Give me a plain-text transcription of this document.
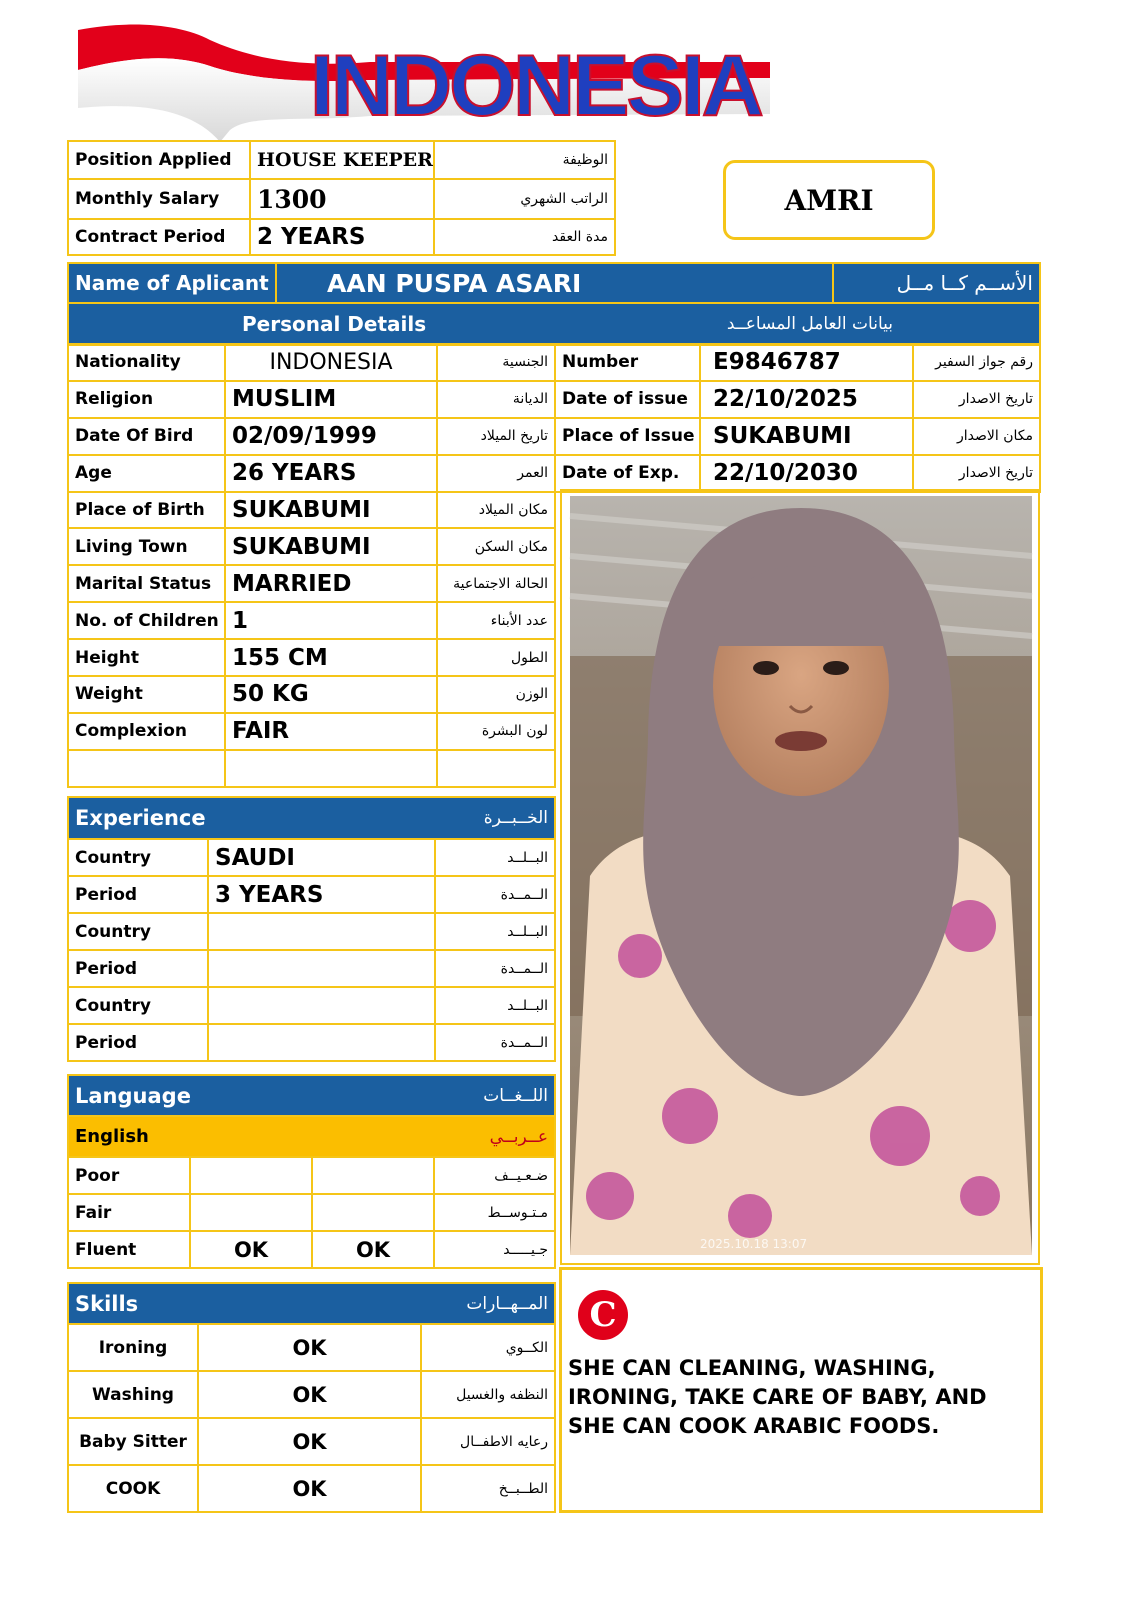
INDONESIA
Position Applied	HOUSE KEEPER	الوظيفة
Monthly Salary	1300	الراتب الشهري
Contract Period	2 YEARS	مدة العقد
AMRI
Name of Aplicant	AAN PUSPA ASARI	الأســم كــا مــل
Personal Details		بيانات العامل المساعــد
Nationality	INDONESIA	الجنسية
Religion	MUSLIM	الديانة
Date Of Bird	02/09/1999	تاريخ الميلاد
Age	26 YEARS	العمر
Place of Birth	SUKABUMI	مكان الميلاد
Living Town	SUKABUMI	مكان السكن
Marital Status	MARRIED	الحالة الاجتماعية
No. of Children	1	عدد الأبناء
Height	155 CM	الطول
Weight	50 KG	الوزن
Complexion	FAIR	لون البشرة

Number	E9846787	رقم جواز السفير
Date of issue	22/10/2025	تاريخ الاصدار
Place of Issue	SUKABUMI	مكان الاصدار
Date of Exp.	22/10/2030	تاريخ الاصدار
2025.10.18 13:07
Experience		الخــبــرة
Country	SAUDI	البــلــد
Period	3 YEARS	الــمــدة
Country		البــلــد
Period		الــمــدة
Country		البــلــد
Period		الــمــدة
Language			اللــغــات
English		عــربــي	
Poor			ضـعـيــف
Fair			مـتـوســط
Fluent	OK	OK	جـيـــــد
Skills		المــهــارات
Ironing	OK	الكــوي
Washing	OK	النظفه والغسيل
Baby Sitter	OK	رعايه الاطفــال
COOK	OK	الطــبــخ
C
SHE CAN CLEANING, WASHING, IRONING, TAKE CARE OF BABY, AND SHE CAN COOK ARABIC FOODS.
